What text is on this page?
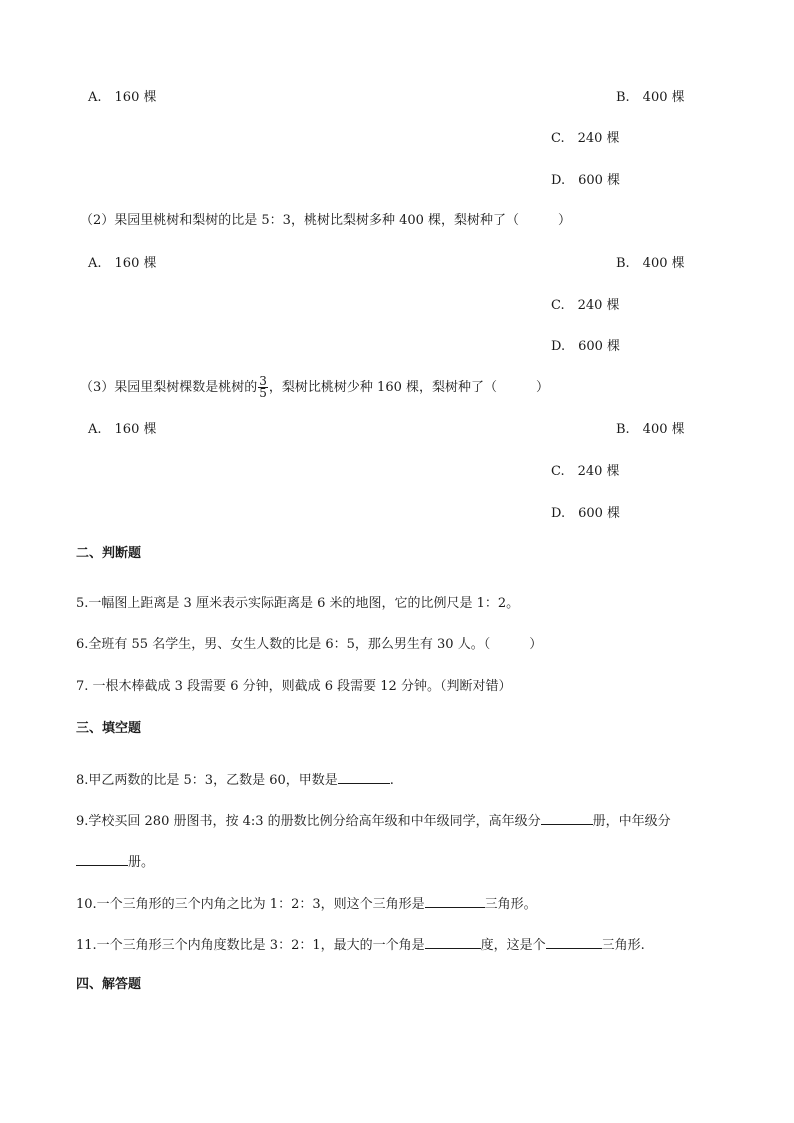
A.　160 棵	B.　400 棵
C.　240 棵
D.　600 棵
（2）果园里桃树和梨树的比是 5：3，桃树比梨树多种 400 棵，梨树种了（　　　）
A.　160 棵	B.　400 棵
C.　240 棵
D.　600 棵
（3）果园里梨树棵数是桃树的 $\frac{3}{5}$ ，梨树比桃树少种 160 棵，梨树种了（　　　）
A.　160 棵	B.　400 棵
C.　240 棵
D.　600 棵
二、判断题
5.一幅图上距离是 3 厘米表示实际距离是 6 米的地图，它的比例尺是 1：2。
6.全班有 55 名学生，男、女生人数的比是 6：5，那么男生有 30 人。（　　　）
7. 一根木棒截成 3 段需要 6 分钟，则截成 6 段需要 12 分钟。（判断对错）
三、填空题
8.甲乙两数的比是 5：3，乙数是 60，甲数是	.
9.学校买回 280 册图书，按 4:3 的册数比例分给高年级和中年级同学，高年级分	册，中年级分
册。
10.一个三角形的三个内角之比为 1：2：3，则这个三角形是	三角形。
11.一个三角形三个内角度数比是 3：2：1，最大的一个角是	度，这是个	三角形.
四、解答题
